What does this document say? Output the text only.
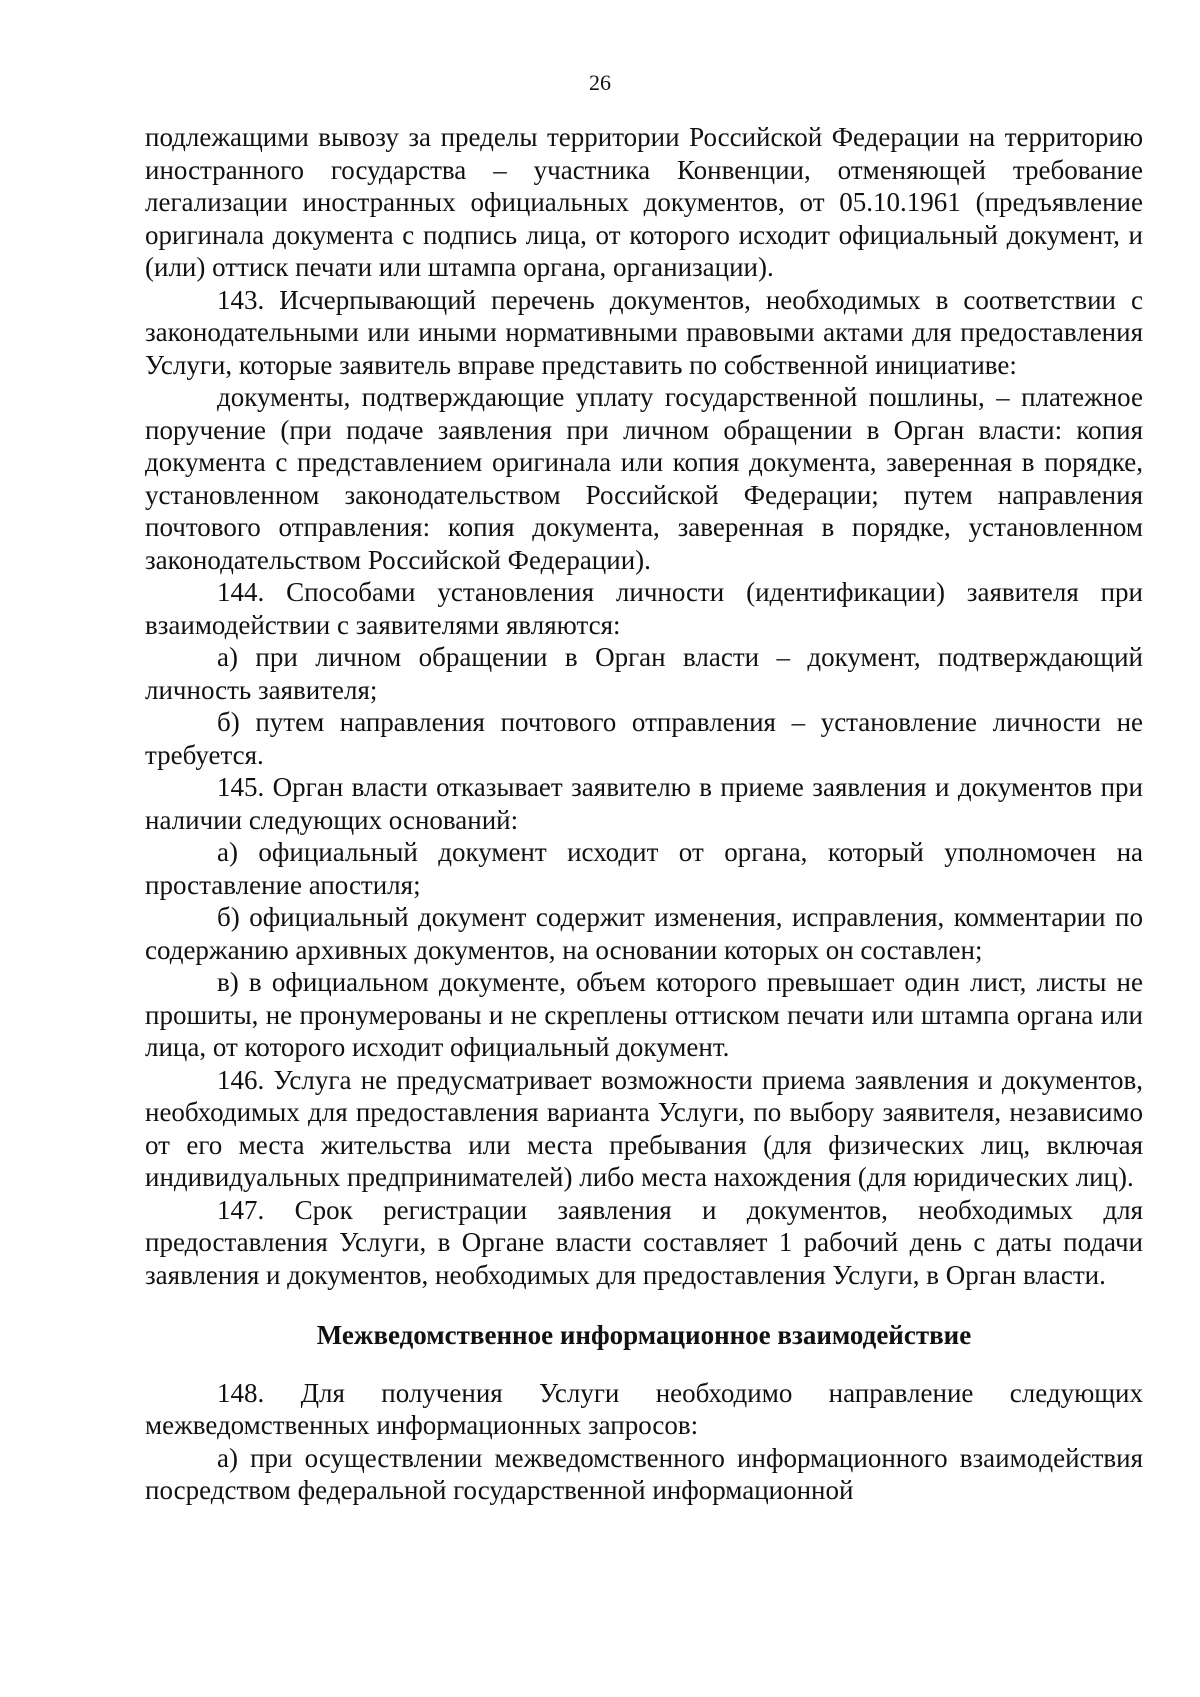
26

подлежащими вывозу за пределы территории Российской Федерации на территорию иностранного государства – участника Конвенции, отменяющей требование легализации иностранных официальных документов, от 05.10.1961 (предъявление оригинала документа с подпись лица, от которого исходит официальный документ, и (или) оттиск печати или штампа органа, организации).

143. Исчерпывающий перечень документов, необходимых в соответствии с законодательными или иными нормативными правовыми актами для предоставления Услуги, которые заявитель вправе представить по собственной инициативе:

документы, подтверждающие уплату государственной пошлины, – платежное поручение (при подаче заявления при личном обращении в Орган власти: копия документа с представлением оригинала или копия документа, заверенная в порядке, установленном законодательством Российской Федерации; путем направления почтового отправления: копия документа, заверенная в порядке, установленном законодательством Российской Федерации).

144. Способами установления личности (идентификации) заявителя при взаимодействии с заявителями являются:

а) при личном обращении в Орган власти – документ, подтверждающий личность заявителя;

б) путем направления почтового отправления – установление личности не требуется.

145. Орган власти отказывает заявителю в приеме заявления и документов при наличии следующих оснований:

а) официальный документ исходит от органа, который уполномочен на проставление апостиля;

б) официальный документ содержит изменения, исправления, комментарии по содержанию архивных документов, на основании которых он составлен;

в) в официальном документе, объем которого превышает один лист, листы не прошиты, не пронумерованы и не скреплены оттиском печати или штампа органа или лица, от которого исходит официальный документ.

146. Услуга не предусматривает возможности приема заявления и документов, необходимых для предоставления варианта Услуги, по выбору заявителя, независимо от его места жительства или места пребывания (для физических лиц, включая индивидуальных предпринимателей) либо места нахождения (для юридических лиц).

147. Срок регистрации заявления и документов, необходимых для предоставления Услуги, в Органе власти составляет 1 рабочий день с даты подачи заявления и документов, необходимых для предоставления Услуги, в Орган власти.

Межведомственное информационное взаимодействие

148. Для получения Услуги необходимо направление следующих межведомственных информационных запросов:

а) при осуществлении межведомственного информационного взаимодействия посредством федеральной государственной информационной
